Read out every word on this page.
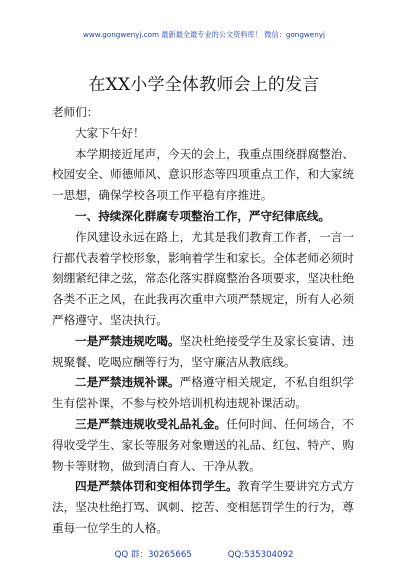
www.gongwenyj.com 最新最全最专业的公文资料库！ 微信：gongwenyj
在XX小学全体教师会上的发言

老师们：

大家下午好！

本学期接近尾声，今天的会上，我重点围绕群腐整治、校园安全、师德师风、意识形态等四项重点工作，和大家统一思想，确保学校各项工作平稳有序推进。

一、持续深化群腐专项整治工作，严守纪律底线。

作风建设永远在路上，尤其是我们教育工作者，一言一行都代表着学校形象，影响着学生和家长。全体老师必须时刻绷紧纪律之弦，常态化落实群腐整治各项要求，坚决杜绝各类不正之风，在此我再次重申六项严禁规定，所有人必须严格遵守、坚决执行。

一是严禁违规吃喝。坚决杜绝接受学生及家长宴请、违规聚餐、吃喝应酬等行为，坚守廉洁从教底线。

二是严禁违规补课。严格遵守相关规定，不私自组织学生有偿补课，不参与校外培训机构违规补课活动。

三是严禁违规收受礼品礼金。任何时间、任何场合，不得收受学生、家长等服务对象赠送的礼品、红包、特产、购物卡等财物，做到清白育人、干净从教。

四是严禁体罚和变相体罚学生。教育学生要讲究方式方法，坚决杜绝打骂、讽刺、挖苦、变相惩罚学生的行为，尊重每一位学生的人格。

QQ 群：30265665	QQ:535304092
